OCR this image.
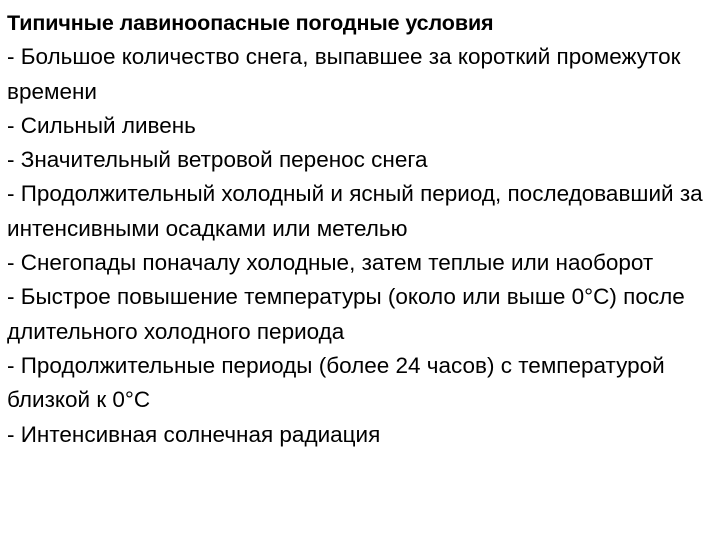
Типичные лавиноопасные погодные условия

- Большое количество снега, выпавшее за короткий промежуток времени
- Сильный ливень
- Значительный ветровой перенос снега
- Продолжительный холодный и ясный период, последовавший за интенсивными осадками или метелью
- Снегопады поначалу холодные, затем теплые или наоборот
- Быстрое повышение температуры (около или выше 0°С) после длительного холодного периода
- Продолжительные периоды (более 24 часов) с температурой близкой к 0°С
- Интенсивная солнечная радиация
